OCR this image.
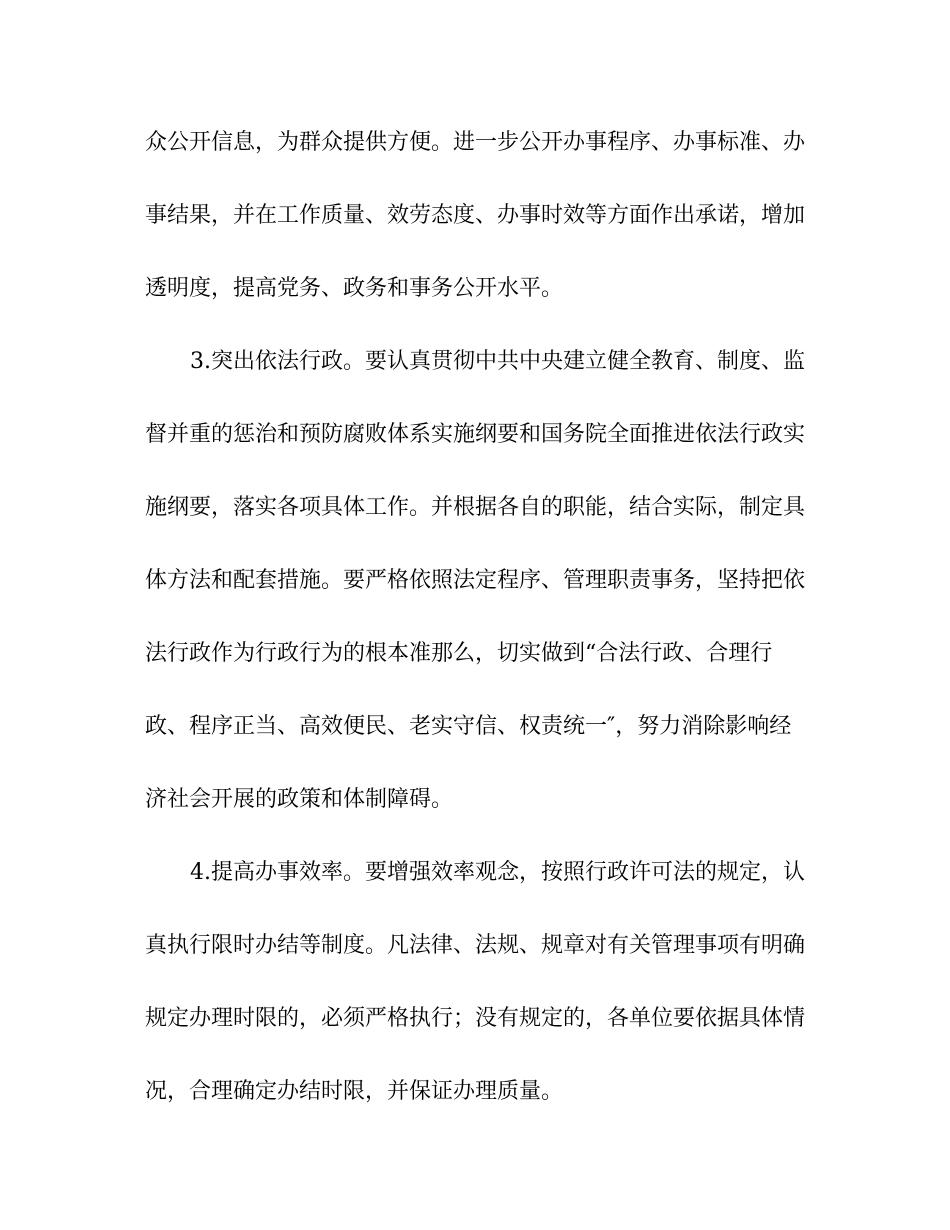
众公开信息，为群众提供方便。进一步公开办事程序、办事标准、办

事结果，并在工作质量、效劳态度、办事时效等方面作出承诺，增加

透明度，提高党务、政务和事务公开水平。

3.突出依法行政。要认真贯彻中共中央建立健全教育、制度、监

督并重的惩治和预防腐败体系实施纲要和国务院全面推进依法行政实

施纲要，落实各项具体工作。并根据各自的职能，结合实际，制定具

体方法和配套措施。要严格依照法定程序、管理职责事务，坚持把依

法行政作为行政行为的根本准那么，切实做到“合法行政、合理行

政、程序正当、高效便民、老实守信、权责统一″，努力消除影响经

济社会开展的政策和体制障碍。

4.提高办事效率。要增强效率观念，按照行政许可法的规定，认

真执行限时办结等制度。凡法律、法规、规章对有关管理事项有明确

规定办理时限的，必须严格执行；没有规定的，各单位要依据具体情

况，合理确定办结时限，并保证办理质量。
